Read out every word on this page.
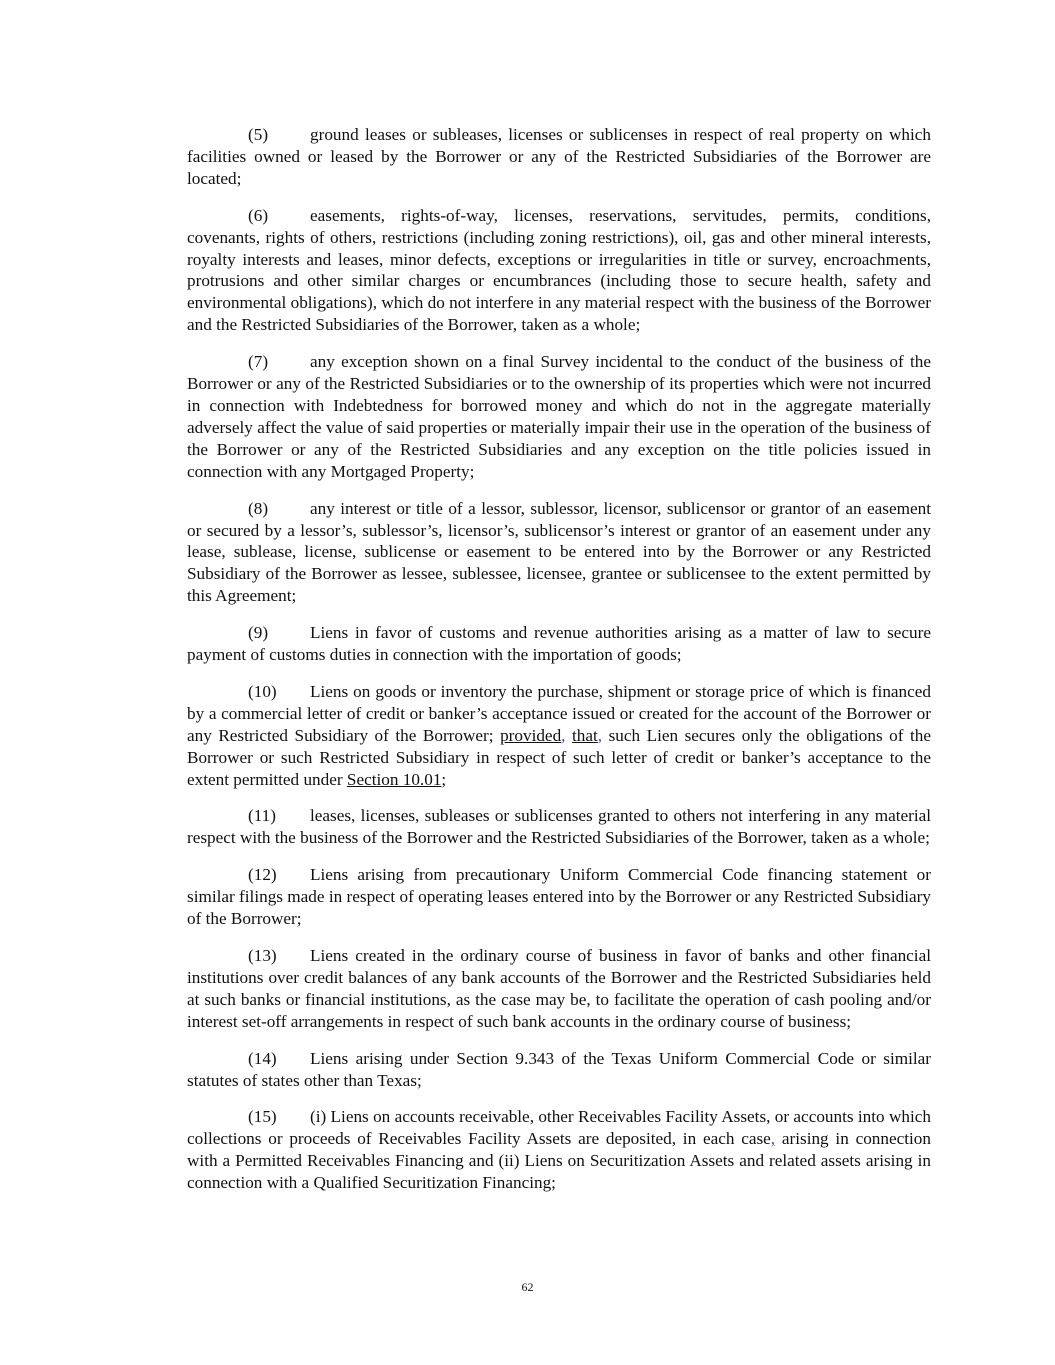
(5) ground leases or subleases, licenses or sublicenses in respect of real property on which facilities owned or leased by the Borrower or any of the Restricted Subsidiaries of the Borrower are located;

(6) easements, rights-of-way, licenses, reservations, servitudes, permits, conditions, covenants, rights of others, restrictions (including zoning restrictions), oil, gas and other mineral interests, royalty interests and leases, minor defects, exceptions or irregularities in title or survey, encroachments, protrusions and other similar charges or encumbrances (including those to secure health, safety and environmental obligations), which do not interfere in any material respect with the business of the Borrower and the Restricted Subsidiaries of the Borrower, taken as a whole;

(7) any exception shown on a final Survey incidental to the conduct of the business of the Borrower or any of the Restricted Subsidiaries or to the ownership of its properties which were not incurred in connection with Indebtedness for borrowed money and which do not in the aggregate materially adversely affect the value of said properties or materially impair their use in the operation of the business of the Borrower or any of the Restricted Subsidiaries and any exception on the title policies issued in connection with any Mortgaged Property;

(8) any interest or title of a lessor, sublessor, licensor, sublicensor or grantor of an easement or secured by a lessor’s, sublessor’s, licensor’s, sublicensor’s interest or grantor of an easement under any lease, sublease, license, sublicense or easement to be entered into by the Borrower or any Restricted Subsidiary of the Borrower as lessee, sublessee, licensee, grantee or sublicensee to the extent permitted by this Agreement;

(9) Liens in favor of customs and revenue authorities arising as a matter of law to secure payment of customs duties in connection with the importation of goods;

(10) Liens on goods or inventory the purchase, shipment or storage price of which is financed by a commercial letter of credit or banker’s acceptance issued or created for the account of the Borrower or any Restricted Subsidiary of the Borrower; provided, that, such Lien secures only the obligations of the Borrower or such Restricted Subsidiary in respect of such letter of credit or banker’s acceptance to the extent permitted under Section 10.01;

(11) leases, licenses, subleases or sublicenses granted to others not interfering in any material respect with the business of the Borrower and the Restricted Subsidiaries of the Borrower, taken as a whole;

(12) Liens arising from precautionary Uniform Commercial Code financing statement or similar filings made in respect of operating leases entered into by the Borrower or any Restricted Subsidiary of the Borrower;

(13) Liens created in the ordinary course of business in favor of banks and other financial institutions over credit balances of any bank accounts of the Borrower and the Restricted Subsidiaries held at such banks or financial institutions, as the case may be, to facilitate the operation of cash pooling and/or interest set-off arrangements in respect of such bank accounts in the ordinary course of business;

(14) Liens arising under Section 9.343 of the Texas Uniform Commercial Code or similar statutes of states other than Texas;

(15) (i) Liens on accounts receivable, other Receivables Facility Assets, or accounts into which collections or proceeds of Receivables Facility Assets are deposited, in each case, arising in connection with a Permitted Receivables Financing and (ii) Liens on Securitization Assets and related assets arising in connection with a Qualified Securitization Financing;

62
